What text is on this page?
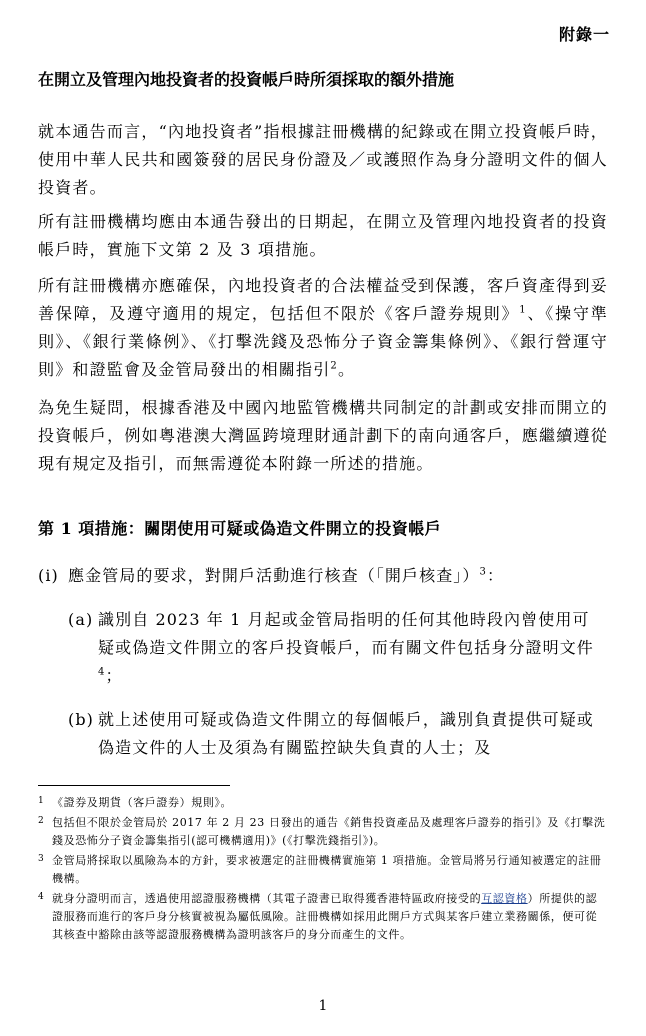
附錄一
在開立及管理內地投資者的投資帳戶時所須採取的額外措施
就本通告而言，“內地投資者”指根據註冊機構的紀錄或在開立投資帳戶時，使用中華人民共和國簽發的居民身份證及／或護照作為身分證明文件的個人投資者。
所有註冊機構均應由本通告發出的日期起，在開立及管理內地投資者的投資帳戶時，實施下文第 2 及 3 項措施。
所有註冊機構亦應確保，內地投資者的合法權益受到保護，客戶資產得到妥善保障，及遵守適用的規定，包括但不限於《客戶證券規則》$^1$、《操守準則》、《銀行業條例》、《打擊洗錢及恐怖分子資金籌集條例》、《銀行營運守則》和證監會及金管局發出的相關指引$^2$。
為免生疑問，根據香港及中國內地監管機構共同制定的計劃或安排而開立的投資帳戶，例如粵港澳大灣區跨境理財通計劃下的南向通客戶，應繼續遵從現有規定及指引，而無需遵從本附錄一所述的措施。
第 1 項措施：關閉使用可疑或偽造文件開立的投資帳戶
(i) 應金管局的要求，對開戶活動進行核查（「開戶核查」）$^3$：
(a) 識別自 2023 年 1 月起或金管局指明的任何其他時段內曾使用可疑或偽造文件開立的客戶投資帳戶，而有關文件包括身分證明文件$^4$；
(b) 就上述使用可疑或偽造文件開立的每個帳戶，識別負責提供可疑或偽造文件的人士及須為有關監控缺失負責的人士；及
1 《證券及期貨（客戶證券）規則》。
2 包括但不限於金管局於 2017 年 2 月 23 日發出的通告《銷售投資產品及處理客戶證券的指引》及《打擊洗錢及恐怖分子資金籌集指引(認可機構適用)》(《打擊洗錢指引》)。
3 金管局將採取以風險為本的方針，要求被選定的註冊機構實施第 1 項措施。金管局將另行通知被選定的註冊機構。
4 就身分證明而言，透過使用認證服務機構（其電子證書已取得獲香港特區政府接受的互認資格）所提供的認證服務而進行的客戶身分核實被視為屬低風險。註冊機構如採用此開戶方式與某客戶建立業務關係，便可從其核查中豁除由該等認證服務機構為證明該客戶的身分而產生的文件。
1
